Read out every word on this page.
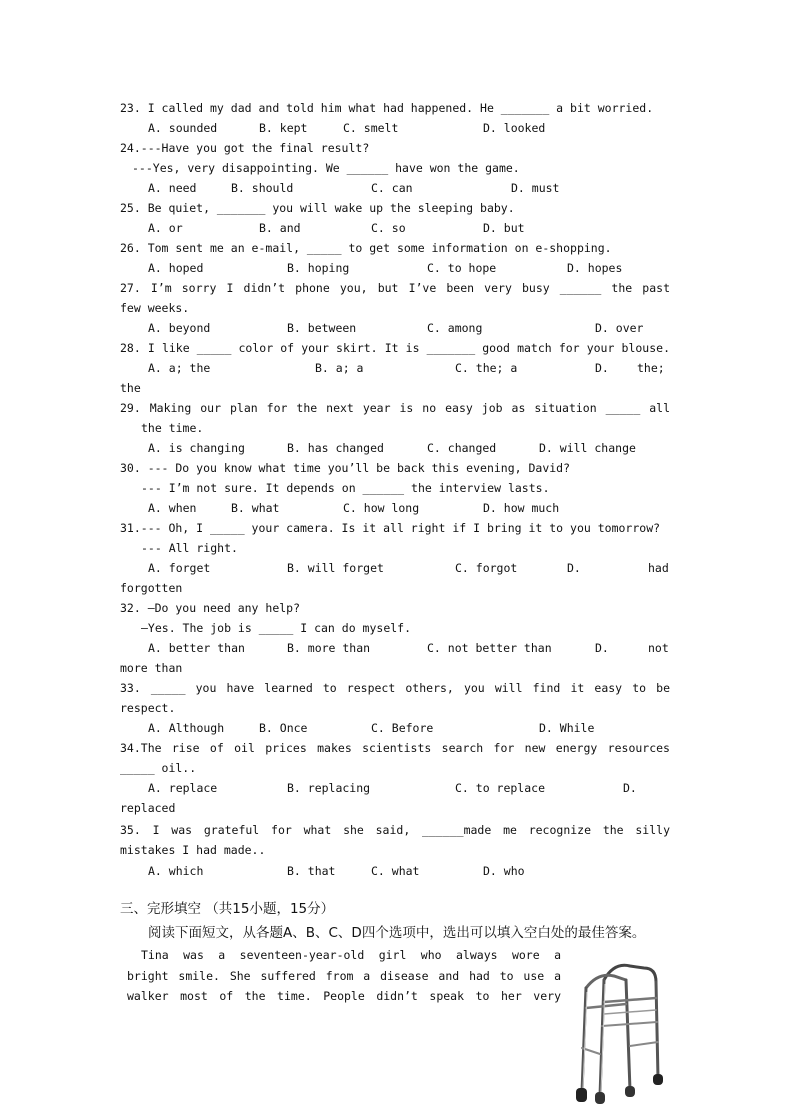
23. I called my dad and told him what had happened. He _______ a bit worried.
A. sounded	B. kept	C. smelt	D. looked
24.---Have you got the final result?
---Yes, very disappointing. We ______ have won the game.
A. need	B. should	C. can	D. must
25. Be quiet, _______ you will wake up the sleeping baby.
A. or	B. and	C. so	D. but
26. Tom sent me an e-mail, _____ to get some information on e-shopping.
A. hoped	B. hoping	C. to hope	D. hopes
27. I’m sorry I didn’t phone you, but I’ve been very busy ______ the past
few weeks.
A. beyond	B. between	C. among	D. over
28. I like _____ color of your skirt. It is _______ good match for your blouse.
A. a; the	B. a; a	C. the; a	D. the;
the
29. Making our plan for the next year is no easy job as situation _____ all
the time.
A. is changing	B. has changed	C. changed	D. will change
30. --- Do you know what time you’ll be back this evening, David?
--- I’m not sure. It depends on ______ the interview lasts.
A. when	B. what	C. how long	D. how much
31.--- Oh, I _____ your camera. Is it all right if I bring it to you tomorrow?
--- All right.
A. forget	B. will forget	C. forgot	D.	had
forgotten
32. —Do you need any help?
—Yes. The job is _____ I can do myself.
A. better than	B. more than	C. not better than	D.	not
more than
33. _____ you have learned to respect others, you will find it easy to be
respect.
A. Although	B. Once	C. Before	D. While
34.The rise of oil prices makes scientists search for new energy resources
_____ oil..
A. replace	B. replacing	C. to replace	D.
replaced
35. I was grateful for what she said, ______made me recognize the silly
mistakes I had made..
A. which	B. that	C. what	D. who
三、完形填空 （共15小题，15分）
阅读下面短文，从各题A、B、C、D四个选项中，选出可以填入空白处的最佳答案。
Tina was a seventeen-year-old girl who always wore a
bright smile. She suffered from a disease and had to use a
walker most of the time. People didn’t speak to her very
